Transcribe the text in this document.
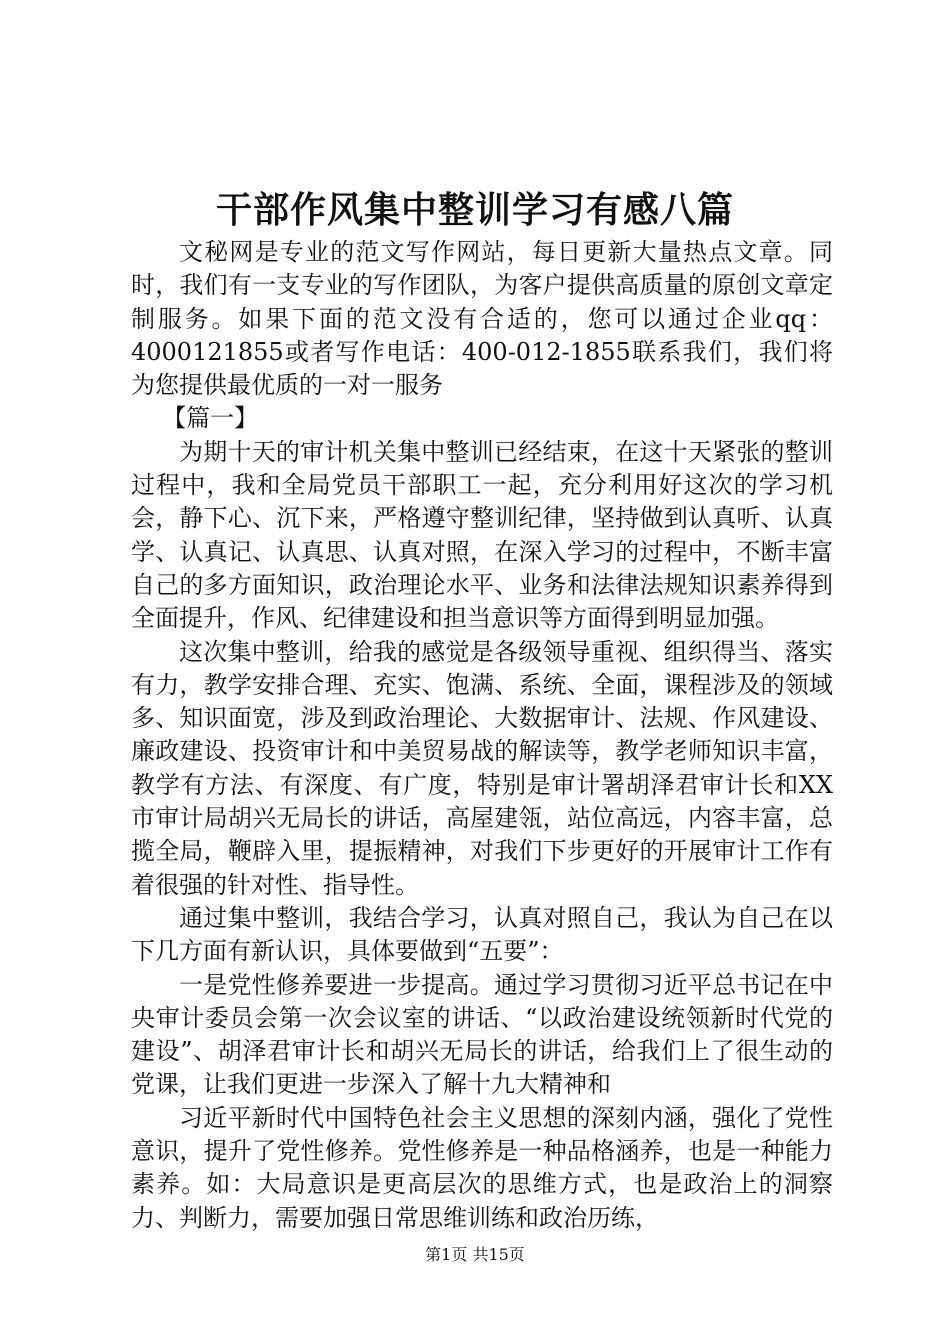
干部作风集中整训学习有感八篇

文秘网是专业的范文写作网站，每日更新大量热点文章。同时，我们有一支专业的写作团队，为客户提供高质量的原创文章定制服务。如果下面的范文没有合适的，您可以通过企业qq：4000121855或者写作电话：400-012-1855联系我们，我们将为您提供最优质的一对一服务

【篇一】

为期十天的审计机关集中整训已经结束，在这十天紧张的整训过程中，我和全局党员干部职工一起，充分利用好这次的学习机会，静下心、沉下来，严格遵守整训纪律，坚持做到认真听、认真学、认真记、认真思、认真对照，在深入学习的过程中，不断丰富自己的多方面知识，政治理论水平、业务和法律法规知识素养得到全面提升，作风、纪律建设和担当意识等方面得到明显加强。

这次集中整训，给我的感觉是各级领导重视、组织得当、落实有力，教学安排合理、充实、饱满、系统、全面，课程涉及的领域多、知识面宽，涉及到政治理论、大数据审计、法规、作风建设、廉政建设、投资审计和中美贸易战的解读等，教学老师知识丰富，教学有方法、有深度、有广度，特别是审计署胡泽君审计长和XX市审计局胡兴无局长的讲话，高屋建瓴，站位高远，内容丰富，总揽全局，鞭辟入里，提振精神，对我们下步更好的开展审计工作有着很强的针对性、指导性。

通过集中整训，我结合学习，认真对照自己，我认为自己在以下几方面有新认识，具体要做到“五要”：

一是党性修养要进一步提高。通过学习贯彻习近平总书记在中央审计委员会第一次会议室的讲话、“以政治建设统领新时代党的建设”、胡泽君审计长和胡兴无局长的讲话，给我们上了很生动的党课，让我们更进一步深入了解十九大精神和

习近平新时代中国特色社会主义思想的深刻内涵，强化了党性意识，提升了党性修养。党性修养是一种品格涵养，也是一种能力素养。如：大局意识是更高层次的思维方式，也是政治上的洞察力、判断力，需要加强日常思维训练和政治历练，

第1页 共15页
